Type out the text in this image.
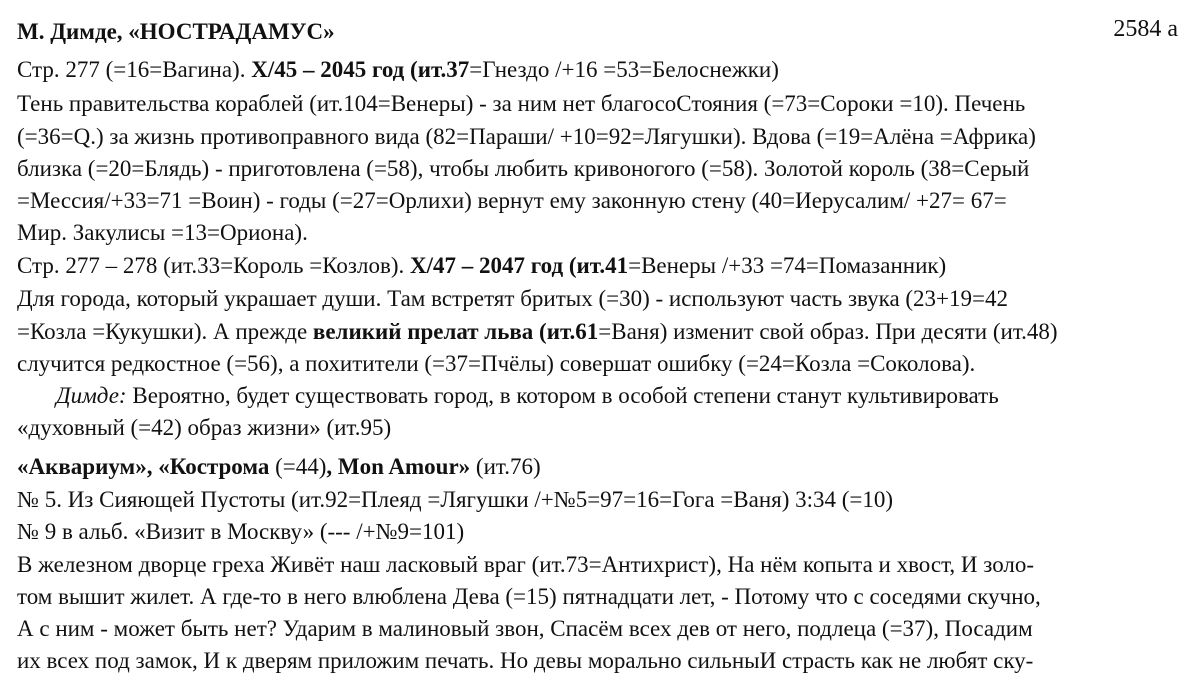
М. Димде, «НОСТРАДАМУС»	2584 а
Стр. 277 (=16=Вагина). X/45 – 2045 год (ит.37=Гнездо /+16 =53=Белоснежки)
Тень правительства кораблей (ит.104=Венеры) - за ним нет благосоСтояния (=73=Сороки =10). Печень
(=36=Q.) за жизнь противоправного вида (82=Параши/ +10=92=Лягушки). Вдова (=19=Алёна =Африка)
близка (=20=Блядь) - приготовлена (=58), чтобы любить кривоногого (=58). Золотой король (38=Серый
=Мессия/+33=71 =Воин) - годы (=27=Орлихи) вернут ему законную стену (40=Иерусалим/ +27= 67=
Мир. Закулисы =13=Ориона).
Стр. 277 – 278 (ит.33=Король =Козлов). X/47 – 2047 год (ит.41=Венеры /+33 =74=Помазанник)
Для города, который украшает души. Там встретят бритых (=30) - используют часть звука (23+19=42
=Козла =Кукушки). А прежде великий прелат льва (ит.61=Ваня) изменит свой образ. При десяти (ит.48)
случится редкостное (=56), а похитители (=37=Пчёлы) совершат ошибку (=24=Козла =Соколова).
Димде: Вероятно, будет существовать город, в котором в особой степени станут культивировать
«духовный (=42) образ жизни» (ит.95)
«Аквариум», «Кострома (=44), Mon Amour» (ит.76)
№ 5. Из Сияющей Пустоты (ит.92=Плеяд =Лягушки /+№5=97=16=Гога =Ваня) 3:34 (=10)
№ 9 в альб. «Визит в Москву» (--- /+№9=101)
В железном дворце греха Живёт наш ласковый враг (ит.73=Антихрист), На нём копыта и хвост, И золо-
том вышит жилет. А где-то в него влюблена Дева (=15) пятнадцати лет, - Потому что с соседями скучно,
А с ним - может быть нет? Ударим в малиновый звон, Спасём всех дев от него, подлеца (=37), Посадим
их всех под замок, И к дверям приложим печать. Но девы морально сильныИ страсть как не любят ску-
